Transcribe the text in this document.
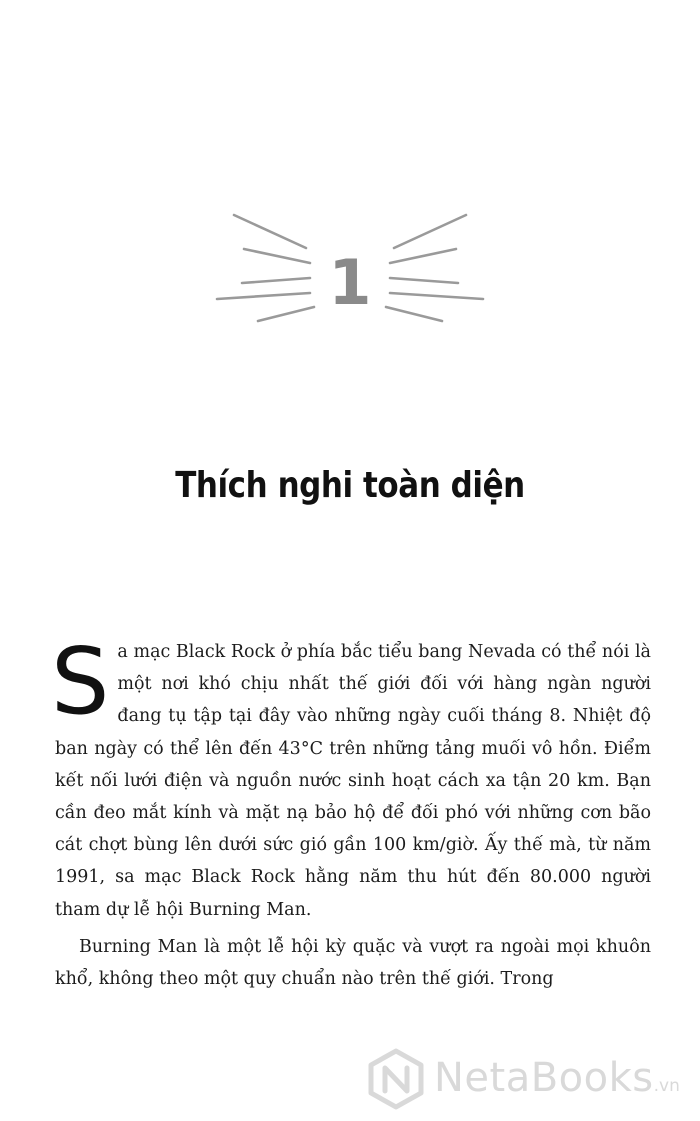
1
Thích nghi toàn diện

Sa mạc Black Rock ở phía bắc tiểu bang Nevada có thể nói là một nơi khó chịu nhất thế giới đối với hàng ngàn người đang tụ tập tại đây vào những ngày cuối tháng 8. Nhiệt độ ban ngày có thể lên đến 43°C trên những tảng muối vô hồn. Điểm kết nối lưới điện và nguồn nước sinh hoạt cách xa tận 20 km. Bạn cần đeo mắt kính và mặt nạ bảo hộ để đối phó với những cơn bão cát chợt bùng lên dưới sức gió gần 100 km/giờ. Ấy thế mà, từ năm 1991, sa mạc Black Rock hằng năm thu hút đến 80.000 người tham dự lễ hội Burning Man.

Burning Man là một lễ hội kỳ quặc và vượt ra ngoài mọi khuôn khổ, không theo một quy chuẩn nào trên thế giới. Trong

NetaBooks.vn
